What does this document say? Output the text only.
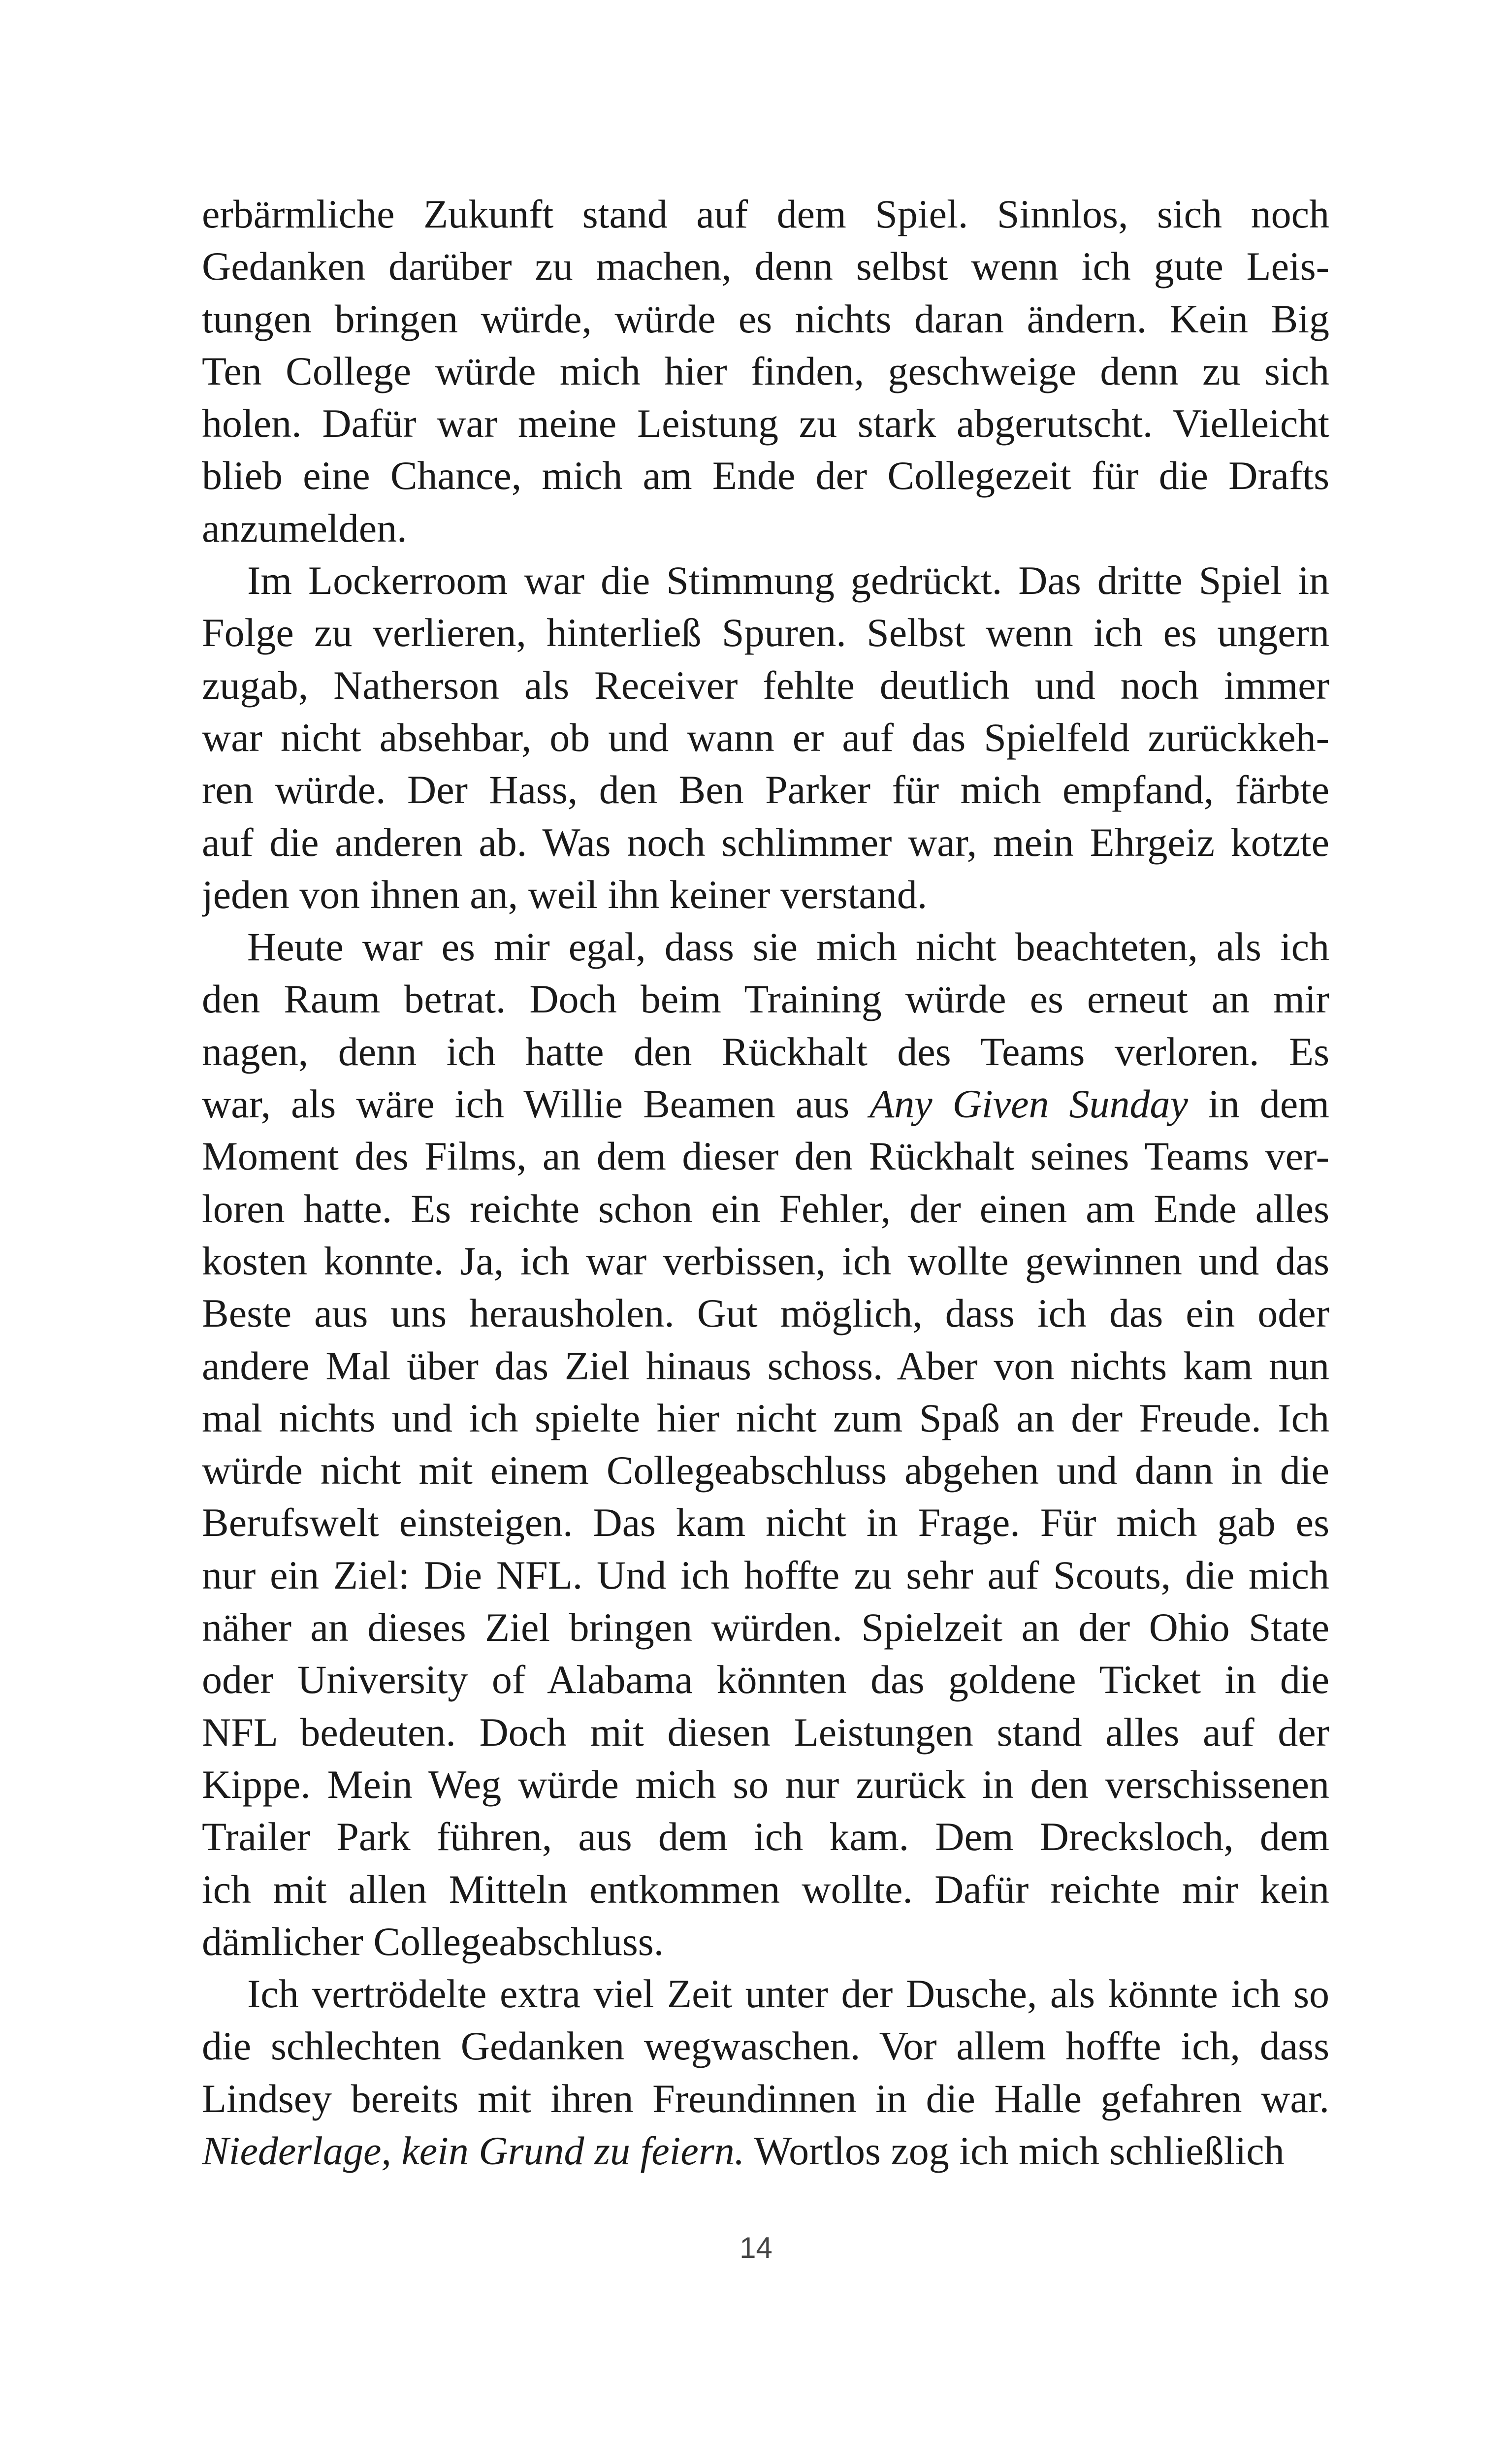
erbärmliche Zukunft stand auf dem Spiel. Sinnlos, sich noch
Gedanken darüber zu machen, denn selbst wenn ich gute Leis-
tungen bringen würde, würde es nichts daran ändern. Kein Big
Ten College würde mich hier finden, geschweige denn zu sich
holen. Dafür war meine Leistung zu stark abgerutscht. Vielleicht
blieb eine Chance, mich am Ende der Collegezeit für die Drafts
anzumelden.
Im Lockerroom war die Stimmung gedrückt. Das dritte Spiel in
Folge zu verlieren, hinterließ Spuren. Selbst wenn ich es ungern
zugab, Natherson als Receiver fehlte deutlich und noch immer
war nicht absehbar, ob und wann er auf das Spielfeld zurückkeh-
ren würde. Der Hass, den Ben Parker für mich empfand, färbte
auf die anderen ab. Was noch schlimmer war, mein Ehrgeiz kotzte
jeden von ihnen an, weil ihn keiner verstand.
Heute war es mir egal, dass sie mich nicht beachteten, als ich
den Raum betrat. Doch beim Training würde es erneut an mir
nagen, denn ich hatte den Rückhalt des Teams verloren. Es
war, als wäre ich Willie Beamen aus Any Given Sunday in dem
Moment des Films, an dem dieser den Rückhalt seines Teams ver-
loren hatte. Es reichte schon ein Fehler, der einen am Ende alles
kosten konnte. Ja, ich war verbissen, ich wollte gewinnen und das
Beste aus uns herausholen. Gut möglich, dass ich das ein oder
andere Mal über das Ziel hinaus schoss. Aber von nichts kam nun
mal nichts und ich spielte hier nicht zum Spaß an der Freude. Ich
würde nicht mit einem Collegeabschluss abgehen und dann in die
Berufswelt einsteigen. Das kam nicht in Frage. Für mich gab es
nur ein Ziel: Die NFL. Und ich hoffte zu sehr auf Scouts, die mich
näher an dieses Ziel bringen würden. Spielzeit an der Ohio State
oder University of Alabama könnten das goldene Ticket in die
NFL bedeuten. Doch mit diesen Leistungen stand alles auf der
Kippe. Mein Weg würde mich so nur zurück in den verschissenen
Trailer Park führen, aus dem ich kam. Dem Drecksloch, dem
ich mit allen Mitteln entkommen wollte. Dafür reichte mir kein
dämlicher Collegeabschluss.
Ich vertrödelte extra viel Zeit unter der Dusche, als könnte ich so
die schlechten Gedanken wegwaschen. Vor allem hoffte ich, dass
Lindsey bereits mit ihren Freundinnen in die Halle gefahren war.
Niederlage, kein Grund zu feiern. Wortlos zog ich mich schließlich
14
